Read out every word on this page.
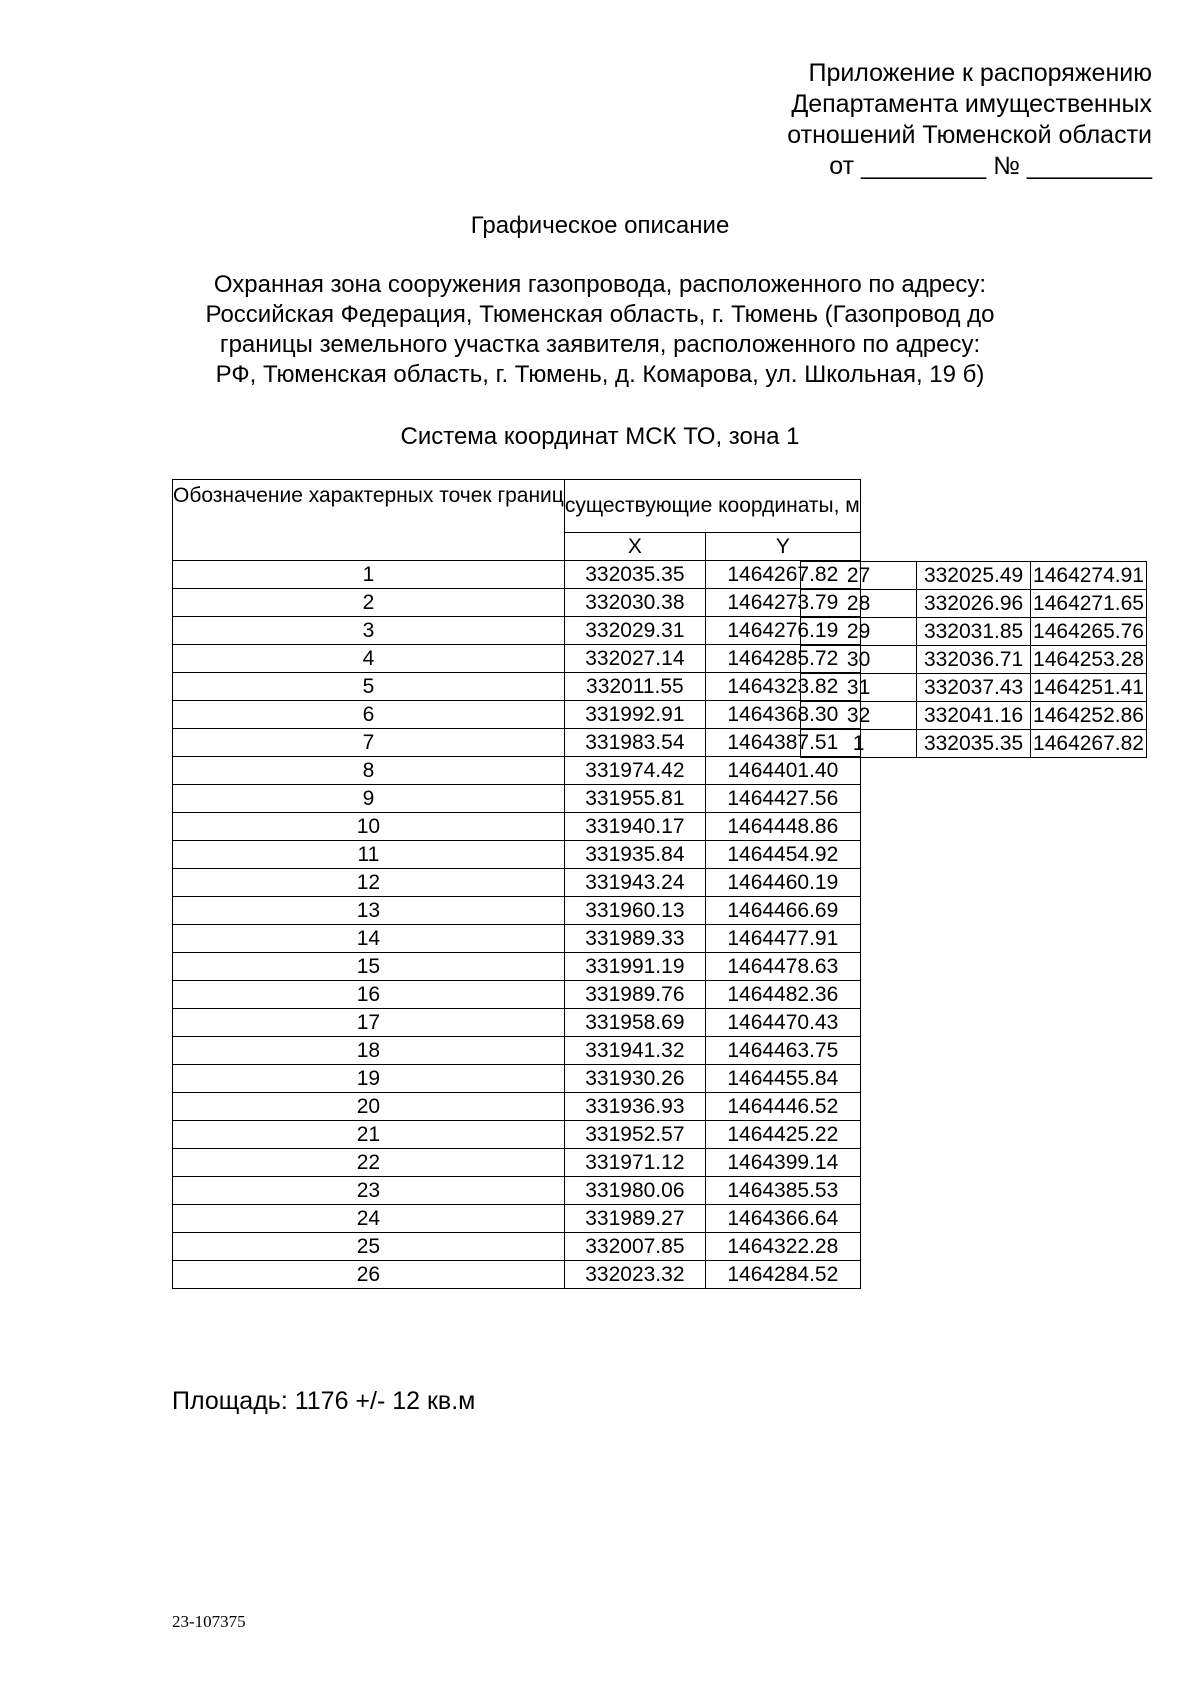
Приложение к распоряжению
Департамента имущественных
отношений Тюменской области
от _________ № _________
Графическое описание
Охранная зона сооружения газопровода, расположенного по адресу:
Российская Федерация, Тюменская область, г. Тюмень (Газопровод до
границы земельного участка заявителя, расположенного по адресу:
РФ, Тюменская область, г. Тюмень, д. Комарова, ул. Школьная, 19 б)
Система координат МСК ТО, зона 1
Обозначение характерных точек границ	существующие координаты, м	
	X	Y
1	332035.35	1464267.82
2	332030.38	1464273.79
3	332029.31	1464276.19
4	332027.14	1464285.72
5	332011.55	1464323.82
6	331992.91	1464368.30
7	331983.54	1464387.51
8	331974.42	1464401.40
9	331955.81	1464427.56
10	331940.17	1464448.86
11	331935.84	1464454.92
12	331943.24	1464460.19
13	331960.13	1464466.69
14	331989.33	1464477.91
15	331991.19	1464478.63
16	331989.76	1464482.36
17	331958.69	1464470.43
18	331941.32	1464463.75
19	331930.26	1464455.84
20	331936.93	1464446.52
21	331952.57	1464425.22
22	331971.12	1464399.14
23	331980.06	1464385.53
24	331989.27	1464366.64
25	332007.85	1464322.28
26	332023.32	1464284.52
27	332025.49	1464274.91
28	332026.96	1464271.65
29	332031.85	1464265.76
30	332036.71	1464253.28
31	332037.43	1464251.41
32	332041.16	1464252.86
1	332035.35	1464267.82
Площадь: 1176 +/- 12 кв.м
23-107375
